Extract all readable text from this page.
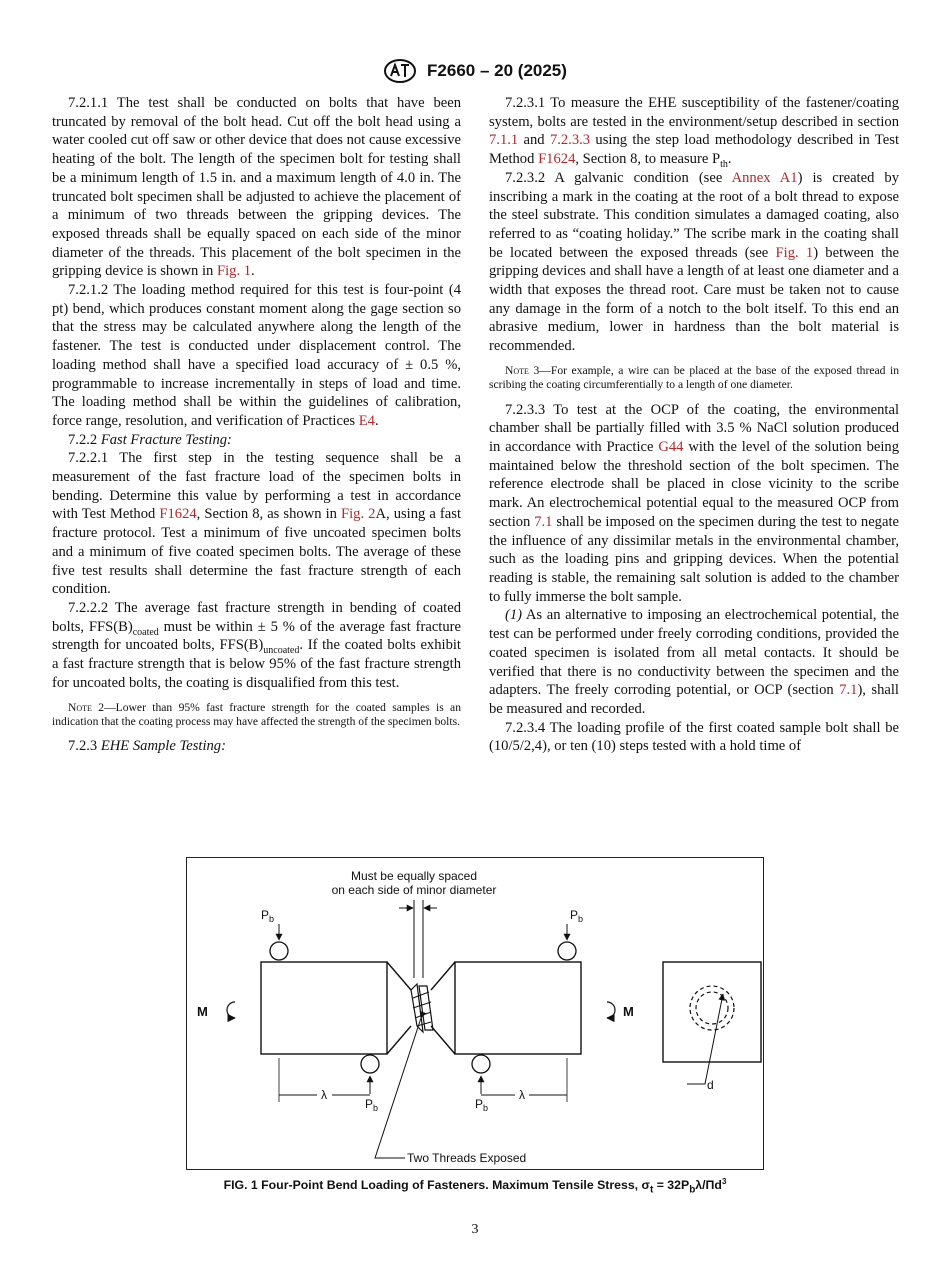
F2660 – 20 (2025)

7.2.1.1 The test shall be conducted on bolts that have been truncated by removal of the bolt head. Cut off the bolt head using a water cooled cut off saw or other device that does not cause excessive heating of the bolt. The length of the specimen bolt for testing shall be a minimum length of 1.5 in. and a maximum length of 4.0 in. The truncated bolt specimen shall be adjusted to achieve the placement of a minimum of two threads between the gripping devices. The exposed threads shall be equally spaced on each side of the minor diameter of the threads. This placement of the bolt specimen in the gripping device is shown in Fig. 1.

7.2.1.2 The loading method required for this test is four-point (4 pt) bend, which produces constant moment along the gage section so that the stress may be calculated anywhere along the length of the fastener. The test is conducted under displacement control. The loading method shall have a specified load accuracy of ± 0.5 %, programmable to increase incrementally in steps of load and time. The loading method shall be within the guidelines of calibration, force range, resolution, and verification of Practices E4.

7.2.2 Fast Fracture Testing:

7.2.2.1 The first step in the testing sequence shall be a measurement of the fast fracture load of the specimen bolts in bending. Determine this value by performing a test in accordance with Test Method F1624, Section 8, as shown in Fig. 2A, using a fast fracture protocol. Test a minimum of five uncoated specimen bolts and a minimum of five coated specimen bolts. The average of these five test results shall determine the fast fracture strength of each condition.

7.2.2.2 The average fast fracture strength in bending of coated bolts, $FFS(B)_{coated}$ must be within ± 5 % of the average fast fracture strength for uncoated bolts, $FFS(B)_{uncoated}$. If the coated bolts exhibit a fast fracture strength that is below 95% of the fast fracture strength for uncoated bolts, the coating is disqualified from this test.

Note 2—Lower than 95% fast fracture strength for the coated samples is an indication that the coating process may have affected the strength of the specimen bolts.

7.2.3 EHE Sample Testing:

7.2.3.1 To measure the EHE susceptibility of the fastener/coating system, bolts are tested in the environment/setup described in section 7.1.1 and 7.2.3.3 using the step load methodology described in Test Method F1624, Section 8, to measure $P_{th}$.

7.2.3.2 A galvanic condition (see Annex A1) is created by inscribing a mark in the coating at the root of a bolt thread to expose the steel substrate. This condition simulates a damaged coating, also referred to as “coating holiday.” The scribe mark in the coating shall be located between the exposed threads (see Fig. 1) between the gripping devices and shall have a length of at least one diameter and a width that exposes the thread root. Care must be taken not to cause any damage in the form of a notch to the bolt itself. To this end an abrasive medium, lower in hardness than the bolt material is recommended.

Note 3—For example, a wire can be placed at the base of the exposed thread in scribing the coating circumferentially to a length of one diameter.

7.2.3.3 To test at the OCP of the coating, the environmental chamber shall be partially filled with 3.5 % NaCl solution produced in accordance with Practice G44 with the level of the solution being maintained below the threshold section of the bolt specimen. The reference electrode shall be placed in close vicinity to the scribe mark. An electrochemical potential equal to the measured OCP from section 7.1 shall be imposed on the specimen during the test to negate the influence of any dissimilar metals in the environmental chamber, such as the loading pins and gripping devices. When the potential reading is stable, the remaining salt solution is added to the chamber to fully immerse the bolt sample.

(1) As an alternative to imposing an electrochemical potential, the test can be performed under freely corroding conditions, provided the coated specimen is isolated from all metal contacts. It should be verified that there is no conductivity between the specimen and the adapters. The freely corroding potential, or OCP (section 7.1), shall be measured and recorded.

7.2.3.4 The loading profile of the first coated sample bolt shall be (10/5/2,4), or ten (10) steps tested with a hold time of

Must be equally spaced
on each side of minor diameter
$P_b$	$P_b$
$P_b$	$P_b$
M	M
λ	λ
Two Threads Exposed
d
FIG. 1 Four-Point Bend Loading of Fasteners. Maximum Tensile Stress, $\sigma_t = 32P_b\lambda/\Pi d^3$
3
